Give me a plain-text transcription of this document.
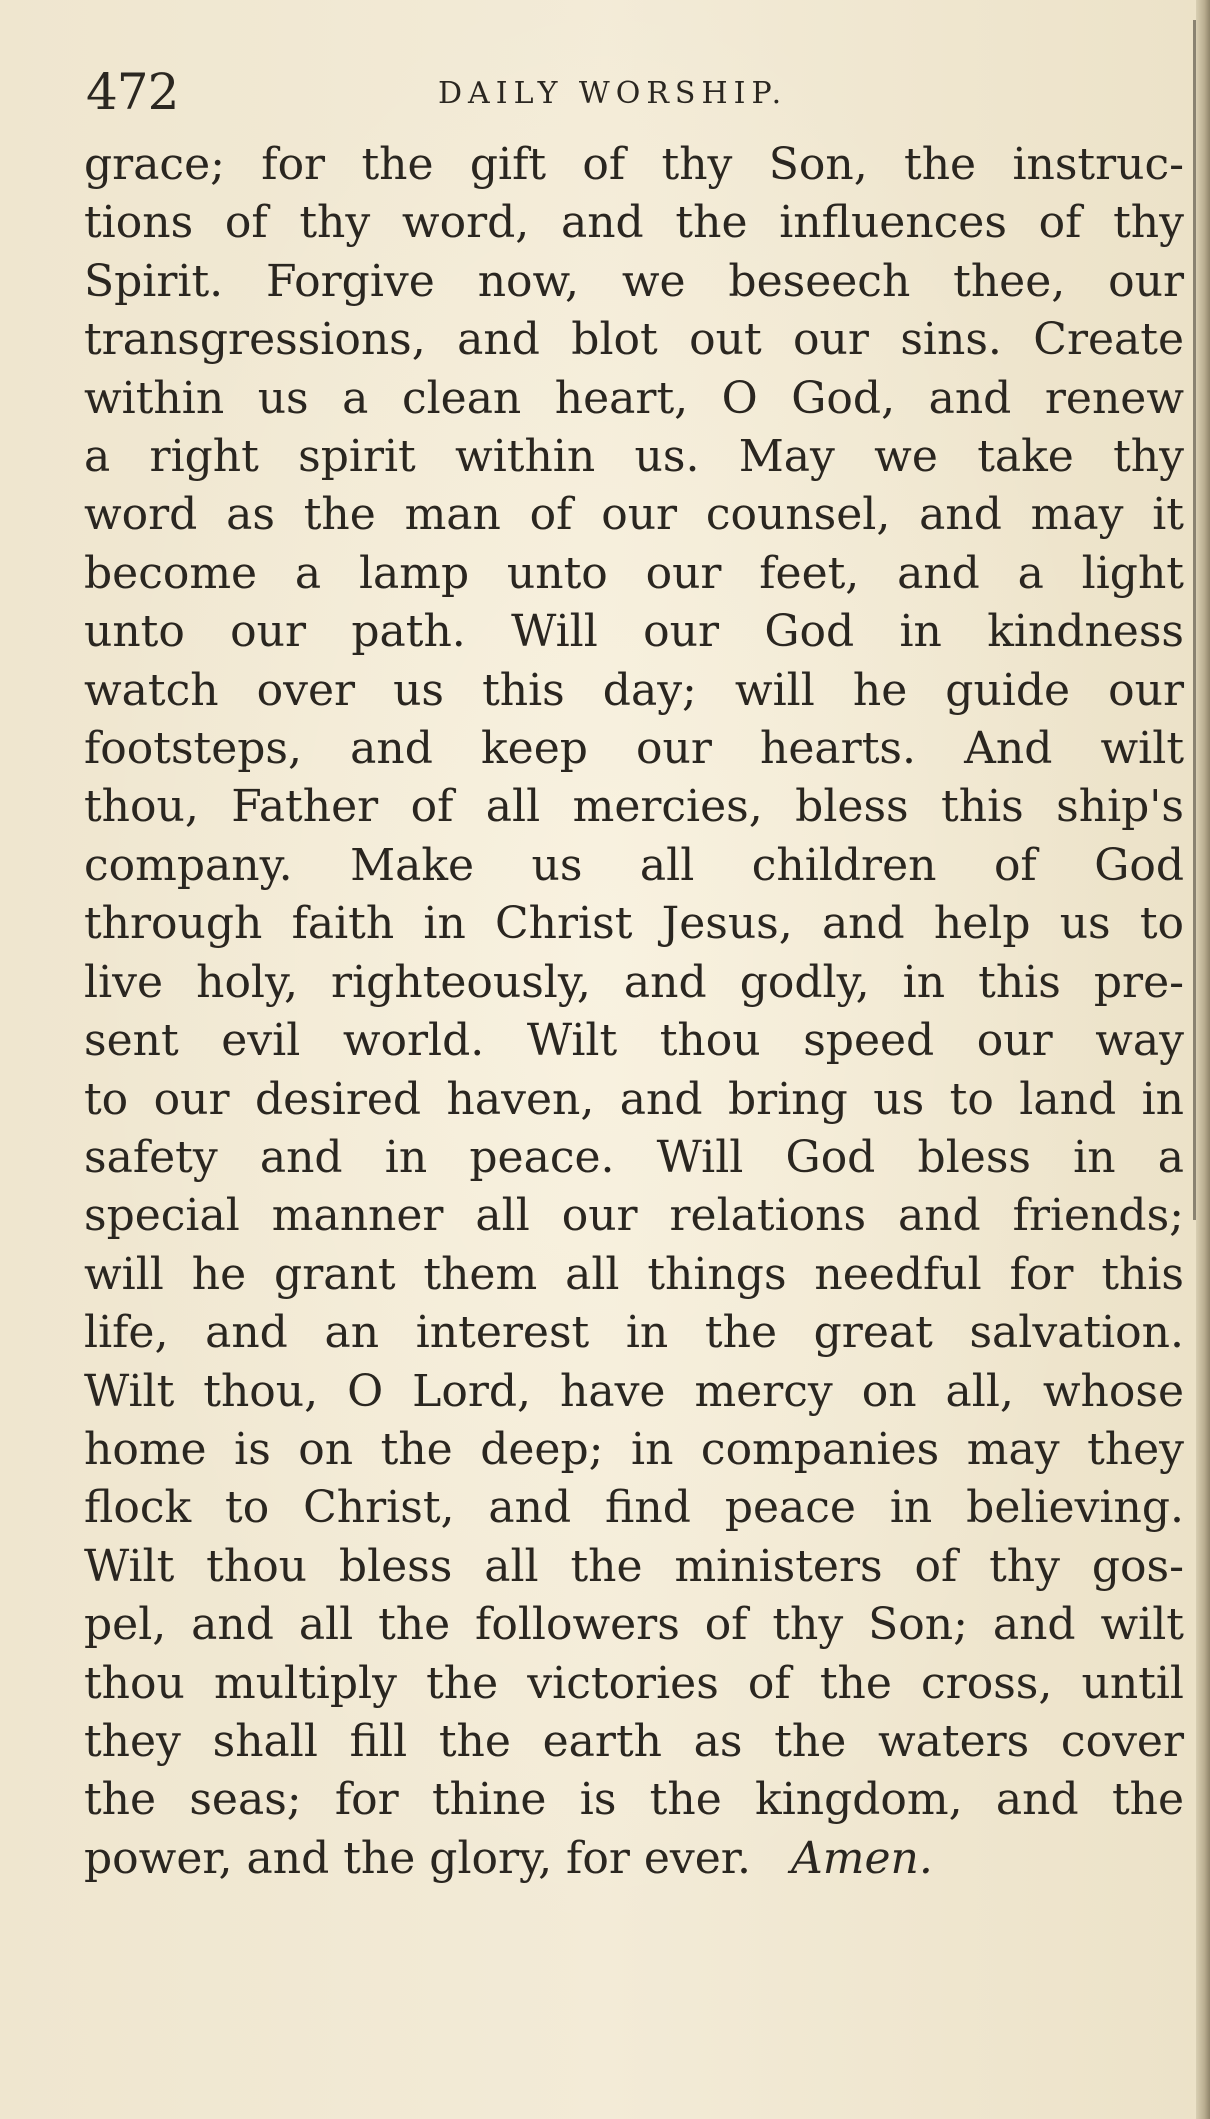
472	DAILY WORSHIP.
grace; for the gift of thy Son, the instruc-
tions of thy word, and the influences of thy
Spirit. Forgive now, we beseech thee, our
transgressions, and blot out our sins. Create
within us a clean heart, O God, and renew
a right spirit within us. May we take thy
word as the man of our counsel, and may it
become a lamp unto our feet, and a light
unto our path. Will our God in kindness
watch over us this day; will he guide our
footsteps, and keep our hearts. And wilt
thou, Father of all mercies, bless this ship's
company. Make us all children of God
through faith in Christ Jesus, and help us to
live holy, righteously, and godly, in this pre-
sent evil world. Wilt thou speed our way
to our desired haven, and bring us to land in
safety and in peace. Will God bless in a
special manner all our relations and friends;
will he grant them all things needful for this
life, and an interest in the great salvation.
Wilt thou, O Lord, have mercy on all, whose
home is on the deep; in companies may they
flock to Christ, and find peace in believing.
Wilt thou bless all the ministers of thy gos-
pel, and all the followers of thy Son; and wilt
thou multiply the victories of the cross, until
they shall fill the earth as the waters cover
the seas; for thine is the kingdom, and the
power, and the glory, for ever. Amen.
